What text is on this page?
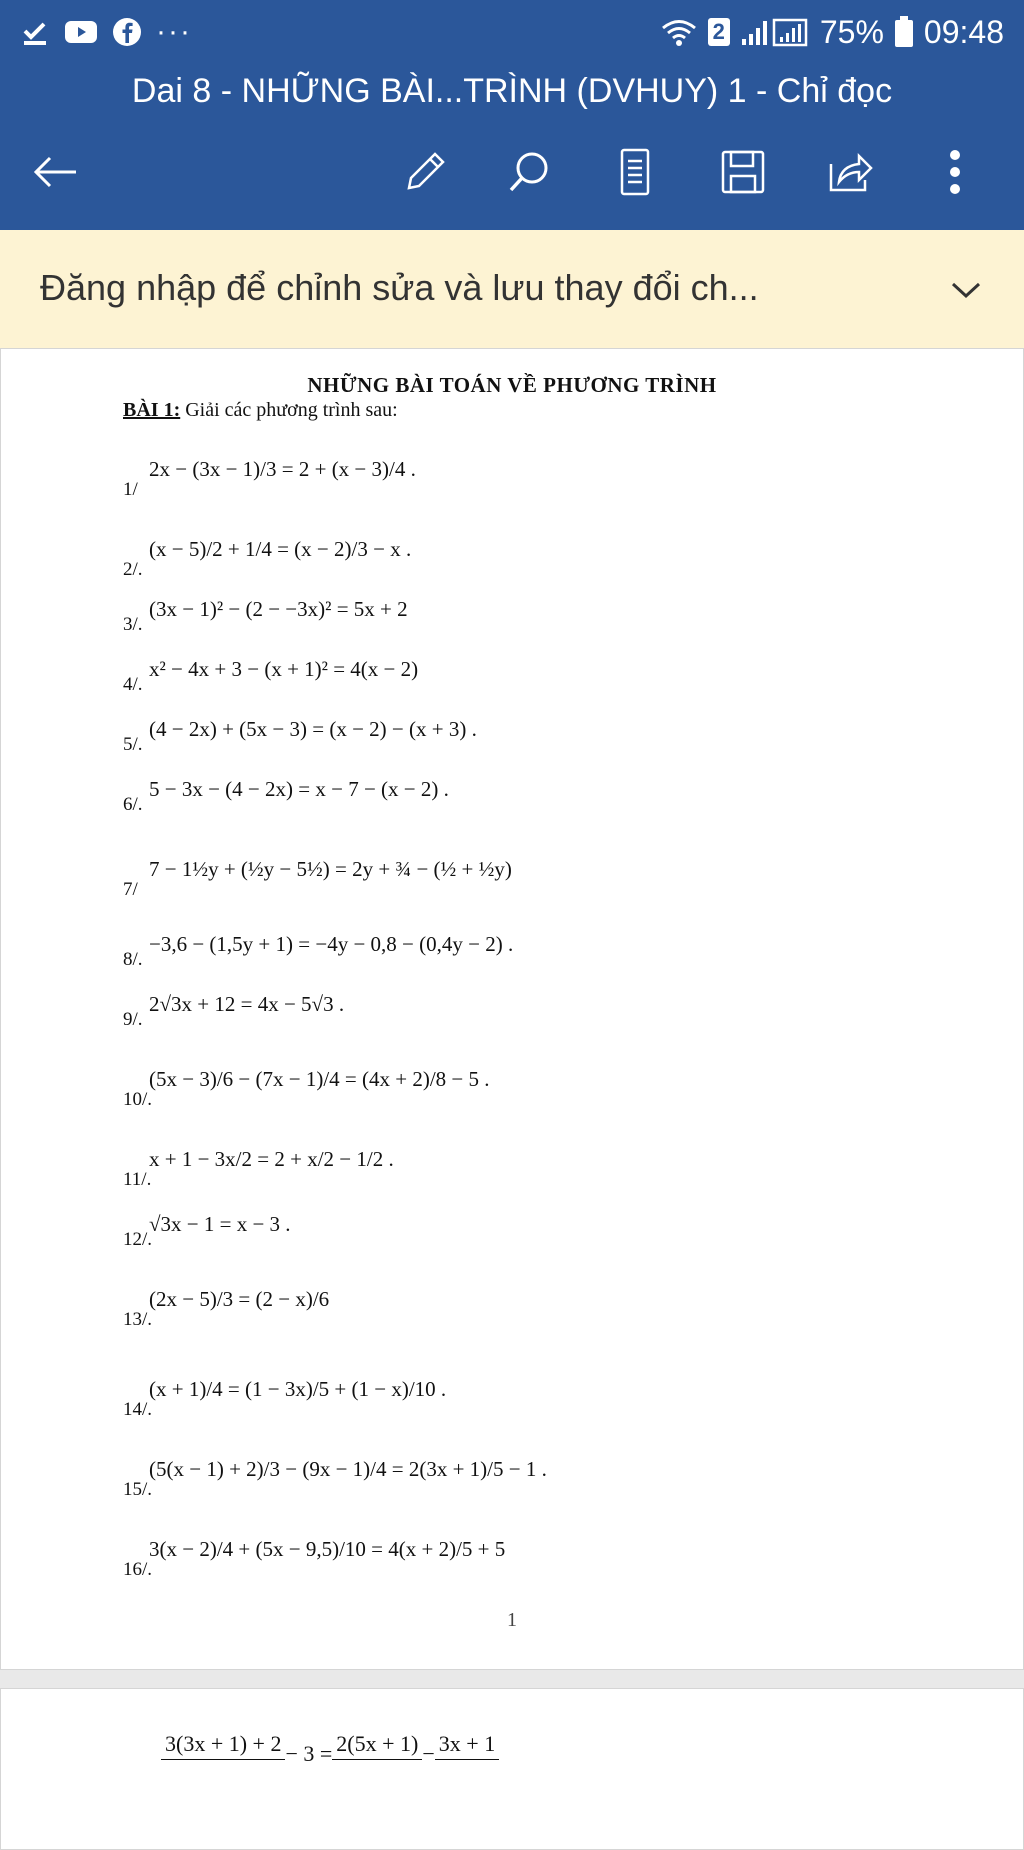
···	2	75% 09:48
Dai 8 - NHỮNG BÀI...TRÌNH (DVHUY) 1 - Chỉ đọc
Đăng nhập để chỉnh sửa và lưu thay đổi ch...
NHỮNG BÀI TOÁN VỀ PHƯƠNG TRÌNH
BÀI 1: Giải các phương trình sau:
1/
2x − (3x − 1)/3 = 2 + (x − 3)/4 .
2/.
(x − 5)/2 + 1/4 = (x − 2)/3 − x .
3/.
(3x − 1)² − (2 − −3x)² = 5x + 2
4/.
x² − 4x + 3 − (x + 1)² = 4(x − 2)
5/.
(4 − 2x) + (5x − 3) = (x − 2) − (x + 3) .
6/.
5 − 3x − (4 − 2x) = x − 7 − (x − 2) .
7/
7 − 1½y + (½y − 5½) = 2y + ¾ − (½ + ½y)
8/.
−3,6 − (1,5y + 1) = −4y − 0,8 − (0,4y − 2) .
9/.
2√3x + 12 = 4x − 5√3 .
10/.
(5x − 3)/6 − (7x − 1)/4 = (4x + 2)/8 − 5 .
11/.
x + 1 − 3x/2 = 2 + x/2 − 1/2 .
12/.
√3x − 1 = x − 3 .
13/.
(2x − 5)/3 = (2 − x)/6
14/.
(x + 1)/4 = (1 − 3x)/5 + (1 − x)/10 .
15/.
(5(x − 1) + 2)/3 − (9x − 1)/4 = 2(3x + 1)/5 − 1 .
16/.
3(x − 2)/4 + (5x − 9,5)/10 = 4(x + 2)/5 + 5
1
3(3x + 1) + 2 − 3 = 2(5x + 1) − 3x + 1
